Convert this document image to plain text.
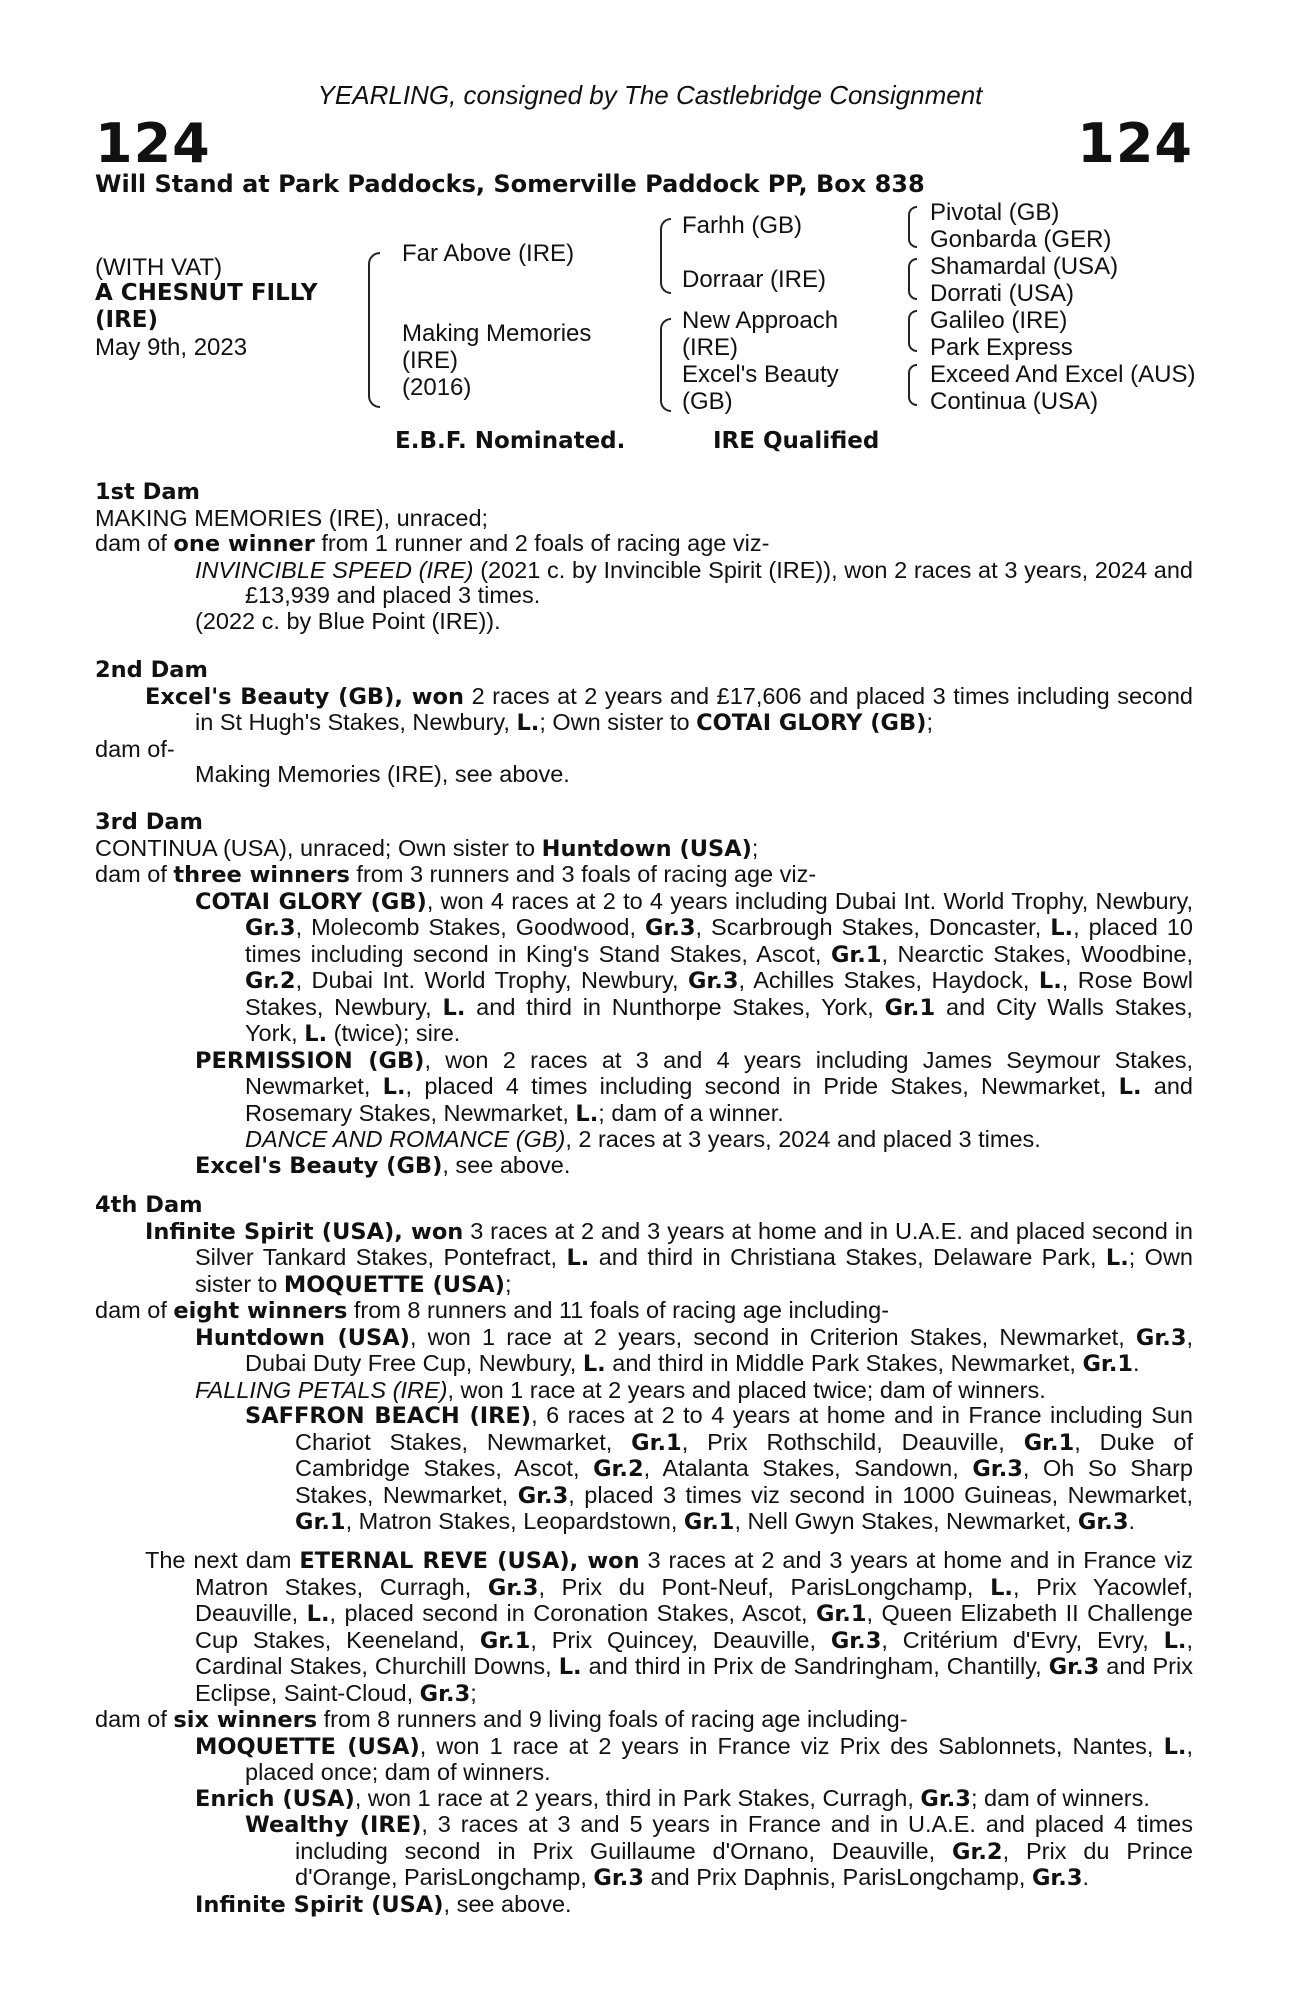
YEARLING, consigned by The Castlebridge Consignment
124	124
Will Stand at Park Paddocks, Somerville Paddock PP, Box 838
(WITH VAT)
A CHESNUT FILLY
(IRE)
May 9th, 2023
Far Above (IRE)
Making Memories
(IRE)
(2016)
Farhh (GB)
Dorraar (IRE)
New Approach
(IRE)
Excel's Beauty
(GB)
Pivotal (GB)
Gonbarda (GER)
Shamardal (USA)
Dorrati (USA)
Galileo (IRE)
Park Express
Exceed And Excel (AUS)
Continua (USA)
E.B.F. Nominated.	IRE Qualified

1st Dam

MAKING MEMORIES (IRE), unraced;

dam of one winner from 1 runner and 2 foals of racing age viz-

INVINCIBLE SPEED (IRE) (2021 c. by Invincible Spirit (IRE)), won 2 races at 3 years, 2024 and £13,939 and placed 3 times.

(2022 c. by Blue Point (IRE)).

2nd Dam

Excel's Beauty (GB), won 2 races at 2 years and £17,606 and placed 3 times including second in St Hugh's Stakes, Newbury, L.; Own sister to COTAI GLORY (GB);

dam of-

Making Memories (IRE), see above.

3rd Dam

CONTINUA (USA), unraced; Own sister to Huntdown (USA);

dam of three winners from 3 runners and 3 foals of racing age viz-

COTAI GLORY (GB), won 4 races at 2 to 4 years including Dubai Int. World Trophy, Newbury, Gr.3, Molecomb Stakes, Goodwood, Gr.3, Scarbrough Stakes, Doncaster, L., placed 10 times including second in King's Stand Stakes, Ascot, Gr.1, Nearctic Stakes, Woodbine, Gr.2, Dubai Int. World Trophy, Newbury, Gr.3, Achilles Stakes, Haydock, L., Rose Bowl Stakes, Newbury, L. and third in Nunthorpe Stakes, York, Gr.1 and City Walls Stakes, York, L. (twice); sire.

PERMISSION (GB), won 2 races at 3 and 4 years including James Seymour Stakes, Newmarket, L., placed 4 times including second in Pride Stakes, Newmarket, L. and Rosemary Stakes, Newmarket, L.; dam of a winner.

DANCE AND ROMANCE (GB), 2 races at 3 years, 2024 and placed 3 times.

Excel's Beauty (GB), see above.

4th Dam

Infinite Spirit (USA), won 3 races at 2 and 3 years at home and in U.A.E. and placed second in Silver Tankard Stakes, Pontefract, L. and third in Christiana Stakes, Delaware Park, L.; Own sister to MOQUETTE (USA);

dam of eight winners from 8 runners and 11 foals of racing age including-

Huntdown (USA), won 1 race at 2 years, second in Criterion Stakes, Newmarket, Gr.3, Dubai Duty Free Cup, Newbury, L. and third in Middle Park Stakes, Newmarket, Gr.1.

FALLING PETALS (IRE), won 1 race at 2 years and placed twice; dam of winners.

SAFFRON BEACH (IRE), 6 races at 2 to 4 years at home and in France including Sun Chariot Stakes, Newmarket, Gr.1, Prix Rothschild, Deauville, Gr.1, Duke of Cambridge Stakes, Ascot, Gr.2, Atalanta Stakes, Sandown, Gr.3, Oh So Sharp Stakes, Newmarket, Gr.3, placed 3 times viz second in 1000 Guineas, Newmarket, Gr.1, Matron Stakes, Leopardstown, Gr.1, Nell Gwyn Stakes, Newmarket, Gr.3.

The next dam ETERNAL REVE (USA), won 3 races at 2 and 3 years at home and in France viz Matron Stakes, Curragh, Gr.3, Prix du Pont-Neuf, ParisLongchamp, L., Prix Yacowlef, Deauville, L., placed second in Coronation Stakes, Ascot, Gr.1, Queen Elizabeth II Challenge Cup Stakes, Keeneland, Gr.1, Prix Quincey, Deauville, Gr.3, Critérium d'Evry, Evry, L., Cardinal Stakes, Churchill Downs, L. and third in Prix de Sandringham, Chantilly, Gr.3 and Prix Eclipse, Saint-Cloud, Gr.3;

dam of six winners from 8 runners and 9 living foals of racing age including-

MOQUETTE (USA), won 1 race at 2 years in France viz Prix des Sablonnets, Nantes, L., placed once; dam of winners.

Enrich (USA), won 1 race at 2 years, third in Park Stakes, Curragh, Gr.3; dam of winners.

Wealthy (IRE), 3 races at 3 and 5 years in France and in U.A.E. and placed 4 times including second in Prix Guillaume d'Ornano, Deauville, Gr.2, Prix du Prince d'Orange, ParisLongchamp, Gr.3 and Prix Daphnis, ParisLongchamp, Gr.3.

Infinite Spirit (USA), see above.
